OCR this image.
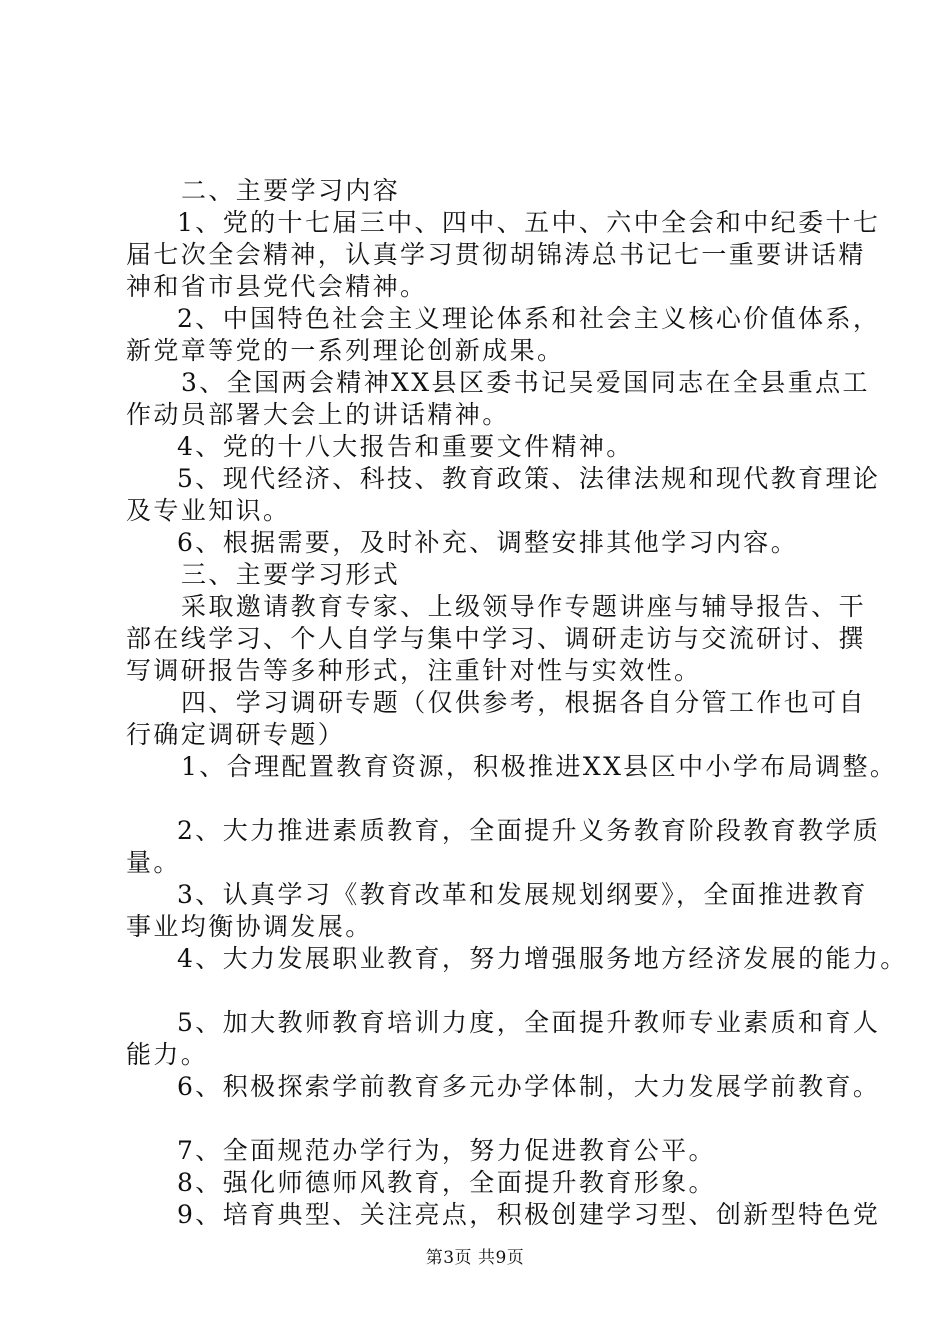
二、主要学习内容
1、党的十七届三中、四中、五中、六中全会和中纪委十七
届七次全会精神，认真学习贯彻胡锦涛总书记七一重要讲话精
神和省市县党代会精神。
2、中国特色社会主义理论体系和社会主义核心价值体系，
新党章等党的一系列理论创新成果。
3、全国两会精神XX县区委书记吴爱国同志在全县重点工
作动员部署大会上的讲话精神。
4、党的十八大报告和重要文件精神。
5、现代经济、科技、教育政策、法律法规和现代教育理论
及专业知识。
6、根据需要，及时补充、调整安排其他学习内容。
三、主要学习形式
采取邀请教育专家、上级领导作专题讲座与辅导报告、干
部在线学习、个人自学与集中学习、调研走访与交流研讨、撰
写调研报告等多种形式，注重针对性与实效性。
四、学习调研专题（仅供参考，根据各自分管工作也可自
行确定调研专题）
1、合理配置教育资源，积极推进XX县区中小学布局调整。
2、大力推进素质教育，全面提升义务教育阶段教育教学质
量。
3、认真学习《教育改革和发展规划纲要》，全面推进教育
事业均衡协调发展。
4、大力发展职业教育，努力增强服务地方经济发展的能力。
5、加大教师教育培训力度，全面提升教师专业素质和育人
能力。
6、积极探索学前教育多元办学体制，大力发展学前教育。
7、全面规范办学行为，努力促进教育公平。
8、强化师德师风教育，全面提升教育形象。
9、培育典型、关注亮点，积极创建学习型、创新型特色党
第3页 共9页
